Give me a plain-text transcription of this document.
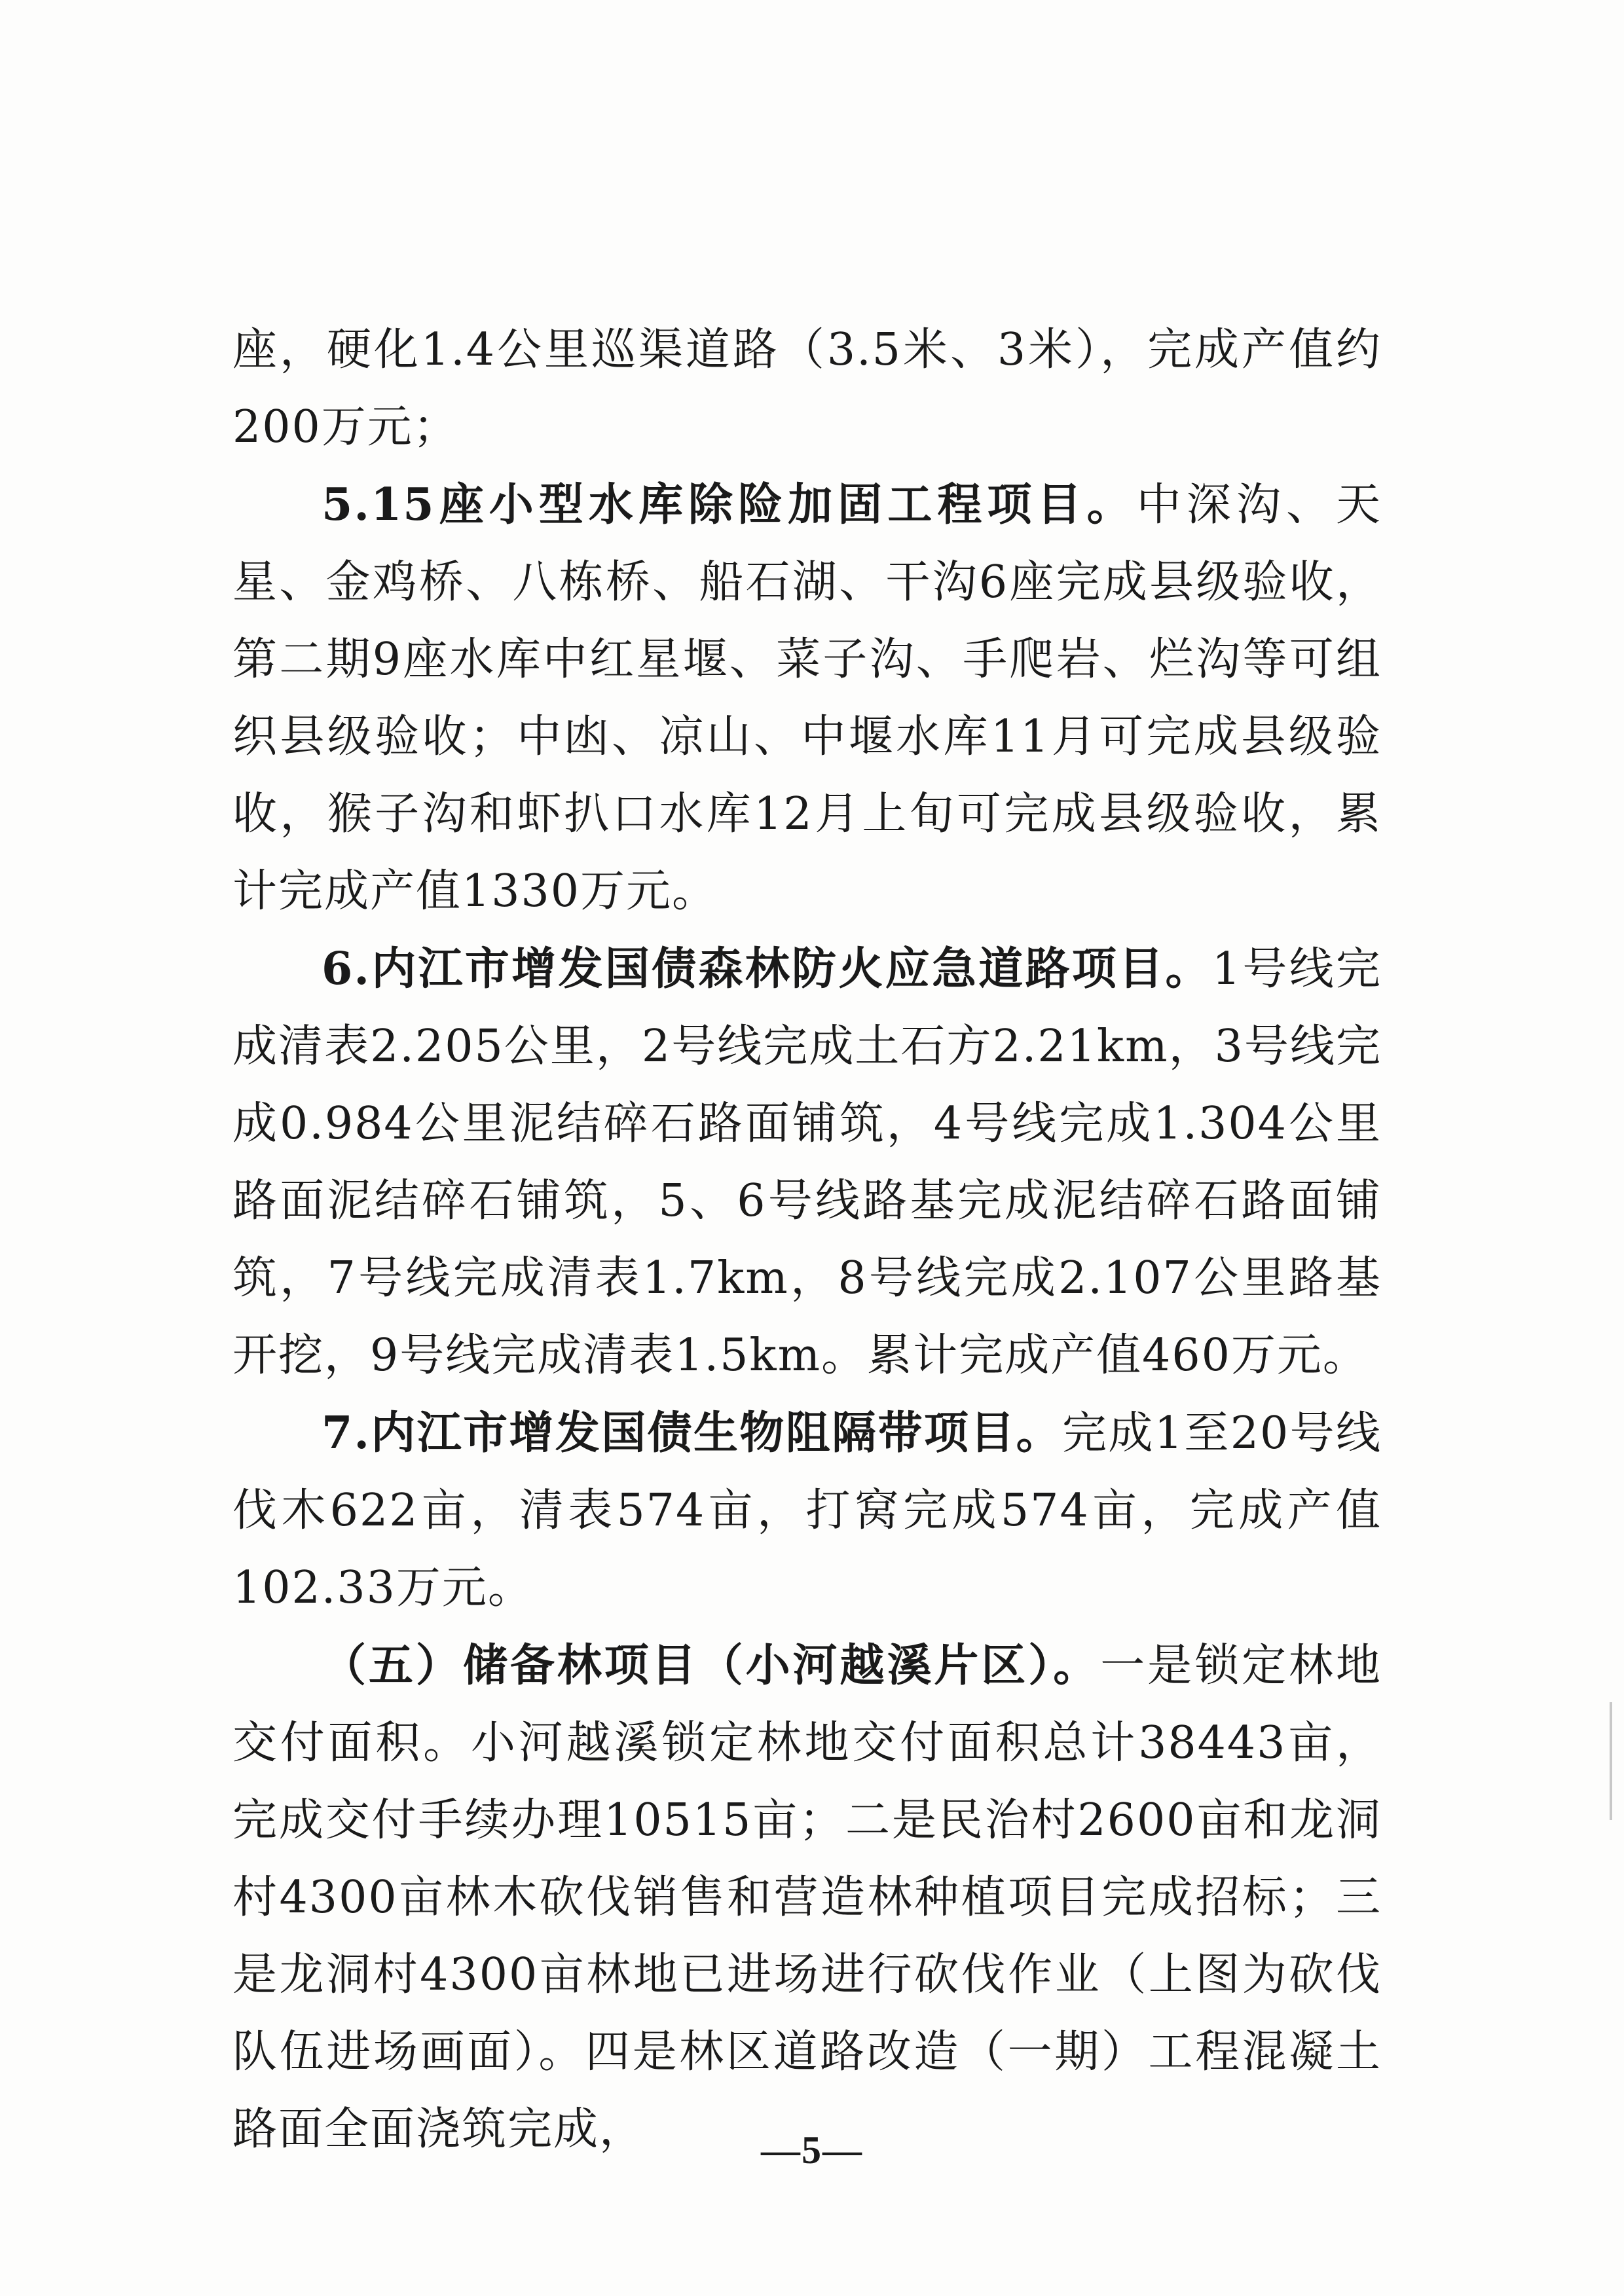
座，硬化1.4公里巡渠道路（3.5米、3米），完成产值约200万元；

5.15座小型水库除险加固工程项目。中深沟、天星、金鸡桥、八栋桥、船石湖、干沟6座完成县级验收，第二期9座水库中红星堰、菜子沟、手爬岩、烂沟等可组织县级验收；中凼、凉山、中堰水库11月可完成县级验收，猴子沟和虾扒口水库12月上旬可完成县级验收，累计完成产值1330万元。

6.内江市增发国债森林防火应急道路项目。1号线完成清表2.205公里，2号线完成土石方2.21km，3号线完成0.984公里泥结碎石路面铺筑，4号线完成1.304公里路面泥结碎石铺筑，5、6号线路基完成泥结碎石路面铺筑，7号线完成清表1.7km，8号线完成2.107公里路基开挖，9号线完成清表1.5km。累计完成产值460万元。

7.内江市增发国债生物阻隔带项目。完成1至20号线伐木622亩，清表574亩，打窝完成574亩，完成产值102.33万元。

（五）储备林项目（小河越溪片区）。一是锁定林地交付面积。小河越溪锁定林地交付面积总计38443亩，完成交付手续办理10515亩；二是民治村2600亩和龙洞村4300亩林木砍伐销售和营造林种植项目完成招标；三是龙洞村4300亩林地已进场进行砍伐作业（上图为砍伐队伍进场画面）。四是林区道路改造（一期）工程混凝土路面全面浇筑完成，	—5—
